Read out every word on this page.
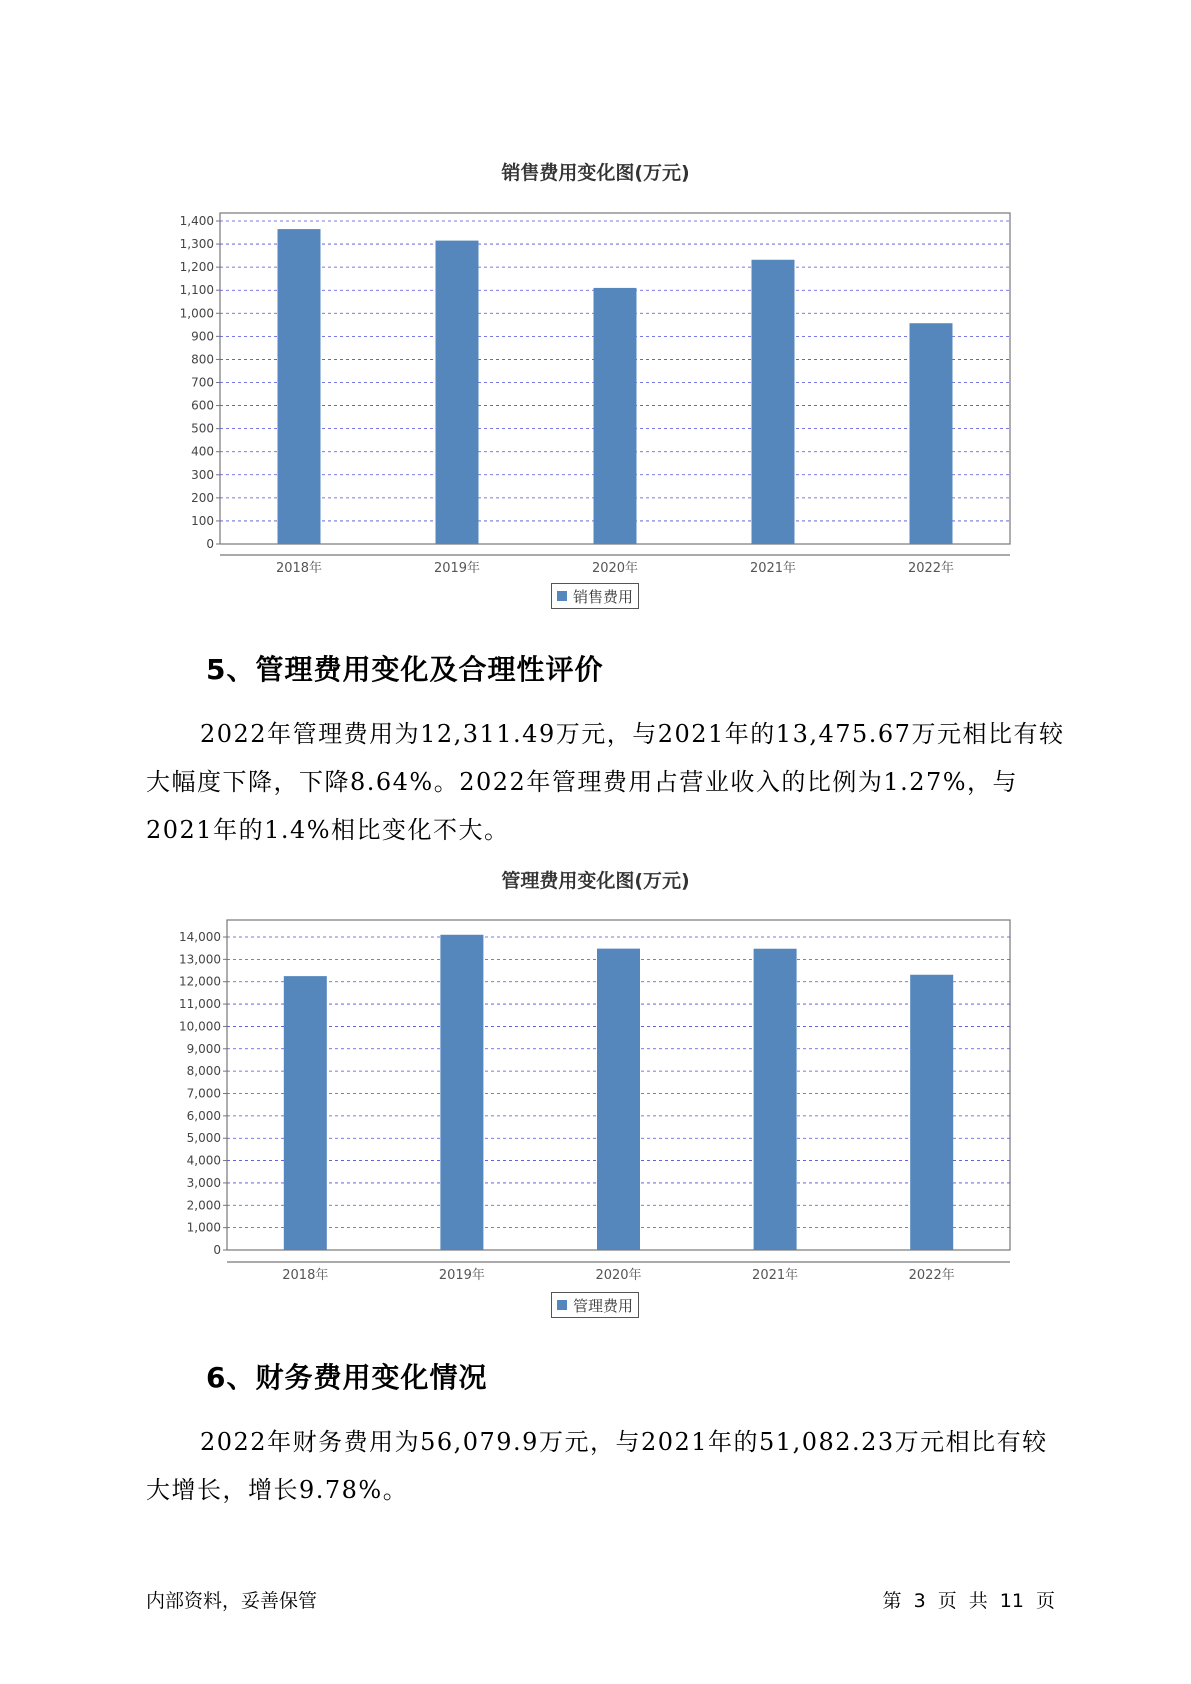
销售费用变化图(万元)
0
100
200
300
400
500
600
700
800
900
1,000
1,100
1,200
1,300
1,400
2018年	2019年	2020年	2021年	2022年
销售费用
5、管理费用变化及合理性评价
2022年管理费用为12,311.49万元，与2021年的13,475.67万元相比有较大幅度下降，下降8.64%。2022年管理费用占营业收入的比例为1.27%，与2021年的1.4%相比变化不大。
管理费用变化图(万元)
0
1,000
2,000
3,000
4,000
5,000
6,000
7,000
8,000
9,000
10,000
11,000
12,000
13,000
14,000
2018年	2019年	2020年	2021年	2022年
管理费用
6、财务费用变化情况
2022年财务费用为56,079.9万元，与2021年的51,082.23万元相比有较大增长，增长9.78%。
内部资料，妥善保管	第 3 页 共 11 页
